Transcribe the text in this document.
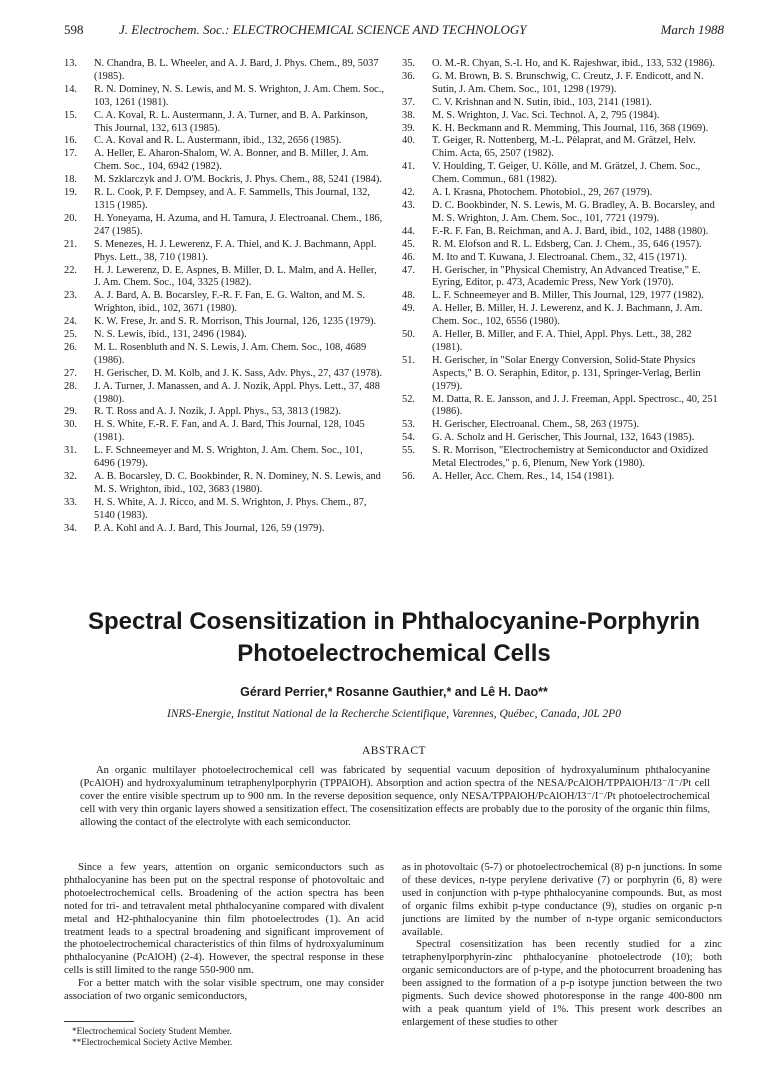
598	J. Electrochem. Soc.: ELECTROCHEMICAL SCIENCE AND TECHNOLOGY	March 1988

13. N. Chandra, B. L. Wheeler, and A. J. Bard, J. Phys. Chem., 89, 5037 (1985).

14. R. N. Dominey, N. S. Lewis, and M. S. Wrighton, J. Am. Chem. Soc., 103, 1261 (1981).

15. C. A. Koval, R. L. Austermann, J. A. Turner, and B. A. Parkinson, This Journal, 132, 613 (1985).

16. C. A. Koval and R. L. Austermann, ibid., 132, 2656 (1985).

17. A. Heller, E. Aharon-Shalom, W. A. Bonner, and B. Miller, J. Am. Chem. Soc., 104, 6942 (1982).

18. M. Szklarczyk and J. O'M. Bockris, J. Phys. Chem., 88, 5241 (1984).

19. R. L. Cook, P. F. Dempsey, and A. F. Sammells, This Journal, 132, 1315 (1985).

20. H. Yoneyama, H. Azuma, and H. Tamura, J. Electroanal. Chem., 186, 247 (1985).

21. S. Menezes, H. J. Lewerenz, F. A. Thiel, and K. J. Bachmann, Appl. Phys. Lett., 38, 710 (1981).

22. H. J. Lewerenz, D. E. Aspnes, B. Miller, D. L. Malm, and A. Heller, J. Am. Chem. Soc., 104, 3325 (1982).

23. A. J. Bard, A. B. Bocarsley, F.-R. F. Fan, E. G. Walton, and M. S. Wrighton, ibid., 102, 3671 (1980).

24. K. W. Frese, Jr. and S. R. Morrison, This Journal, 126, 1235 (1979).

25. N. S. Lewis, ibid., 131, 2496 (1984).

26. M. L. Rosenbluth and N. S. Lewis, J. Am. Chem. Soc., 108, 4689 (1986).

27. H. Gerischer, D. M. Kolb, and J. K. Sass, Adv. Phys., 27, 437 (1978).

28. J. A. Turner, J. Manassen, and A. J. Nozik, Appl. Phys. Lett., 37, 488 (1980).

29. R. T. Ross and A. J. Nozik, J. Appl. Phys., 53, 3813 (1982).

30. H. S. White, F.-R. F. Fan, and A. J. Bard, This Journal, 128, 1045 (1981).

31. L. F. Schneemeyer and M. S. Wrighton, J. Am. Chem. Soc., 101, 6496 (1979).

32. A. B. Bocarsley, D. C. Bookbinder, R. N. Dominey, N. S. Lewis, and M. S. Wrighton, ibid., 102, 3683 (1980).

33. H. S. White, A. J. Ricco, and M. S. Wrighton, J. Phys. Chem., 87, 5140 (1983).

34. P. A. Kohl and A. J. Bard, This Journal, 126, 59 (1979).

35. O. M.-R. Chyan, S.-I. Ho, and K. Rajeshwar, ibid., 133, 532 (1986).

36. G. M. Brown, B. S. Brunschwig, C. Creutz, J. F. Endicott, and N. Sutin, J. Am. Chem. Soc., 101, 1298 (1979).

37. C. V. Krishnan and N. Sutin, ibid., 103, 2141 (1981).

38. M. S. Wrighton, J. Vac. Sci. Technol. A, 2, 795 (1984).

39. K. H. Beckmann and R. Memming, This Journal, 116, 368 (1969).

40. T. Geiger, R. Nottenberg, M.-L. Pèlaprat, and M. Grätzel, Helv. Chim. Acta, 65, 2507 (1982).

41. V. Houlding, T. Geiger, U. Kölle, and M. Grätzel, J. Chem. Soc., Chem. Commun., 681 (1982).

42. A. I. Krasna, Photochem. Photobiol., 29, 267 (1979).

43. D. C. Bookbinder, N. S. Lewis, M. G. Bradley, A. B. Bocarsley, and M. S. Wrighton, J. Am. Chem. Soc., 101, 7721 (1979).

44. F.-R. F. Fan, B. Reichman, and A. J. Bard, ibid., 102, 1488 (1980).

45. R. M. Elofson and R. L. Edsberg, Can. J. Chem., 35, 646 (1957).

46. M. Ito and T. Kuwana, J. Electroanal. Chem., 32, 415 (1971).

47. H. Gerischer, in "Physical Chemistry, An Advanced Treatise," E. Eyring, Editor, p. 473, Academic Press, New York (1970).

48. L. F. Schneemeyer and B. Miller, This Journal, 129, 1977 (1982).

49. A. Heller, B. Miller, H. J. Lewerenz, and K. J. Bachmann, J. Am. Chem. Soc., 102, 6556 (1980).

50. A. Heller, B. Miller, and F. A. Thiel, Appl. Phys. Lett., 38, 282 (1981).

51. H. Gerischer, in "Solar Energy Conversion, Solid-State Physics Aspects," B. O. Seraphin, Editor, p. 131, Springer-Verlag, Berlin (1979).

52. M. Datta, R. E. Jansson, and J. J. Freeman, Appl. Spectrosc., 40, 251 (1986).

53. H. Gerischer, Electroanal. Chem., 58, 263 (1975).

54. G. A. Scholz and H. Gerischer, This Journal, 132, 1643 (1985).

55. S. R. Morrison, "Electrochemistry at Semiconductor and Oxidized Metal Electrodes," p. 6, Plenum, New York (1980).

56. A. Heller, Acc. Chem. Res., 14, 154 (1981).

Spectral Cosensitization in Phthalocyanine-Porphyrin
Photoelectrochemical Cells
Gérard Perrier,* Rosanne Gauthier,* and Lê H. Dao**
INRS-Energie, Institut National de la Recherche Scientifique, Varennes, Québec, Canada, J0L 2P0
ABSTRACT
An organic multilayer photoelectrochemical cell was fabricated by sequential vacuum deposition of hydroxyaluminum phthalocyanine (PcAlOH) and hydroxyaluminum tetraphenylporphyrin (TPPAlOH). Absorption and action spectra of the NESA/PcAlOH/TPPAlOH/I3⁻/I⁻/Pt cell cover the entire visible spectrum up to 900 nm. In the reverse deposition sequence, only NESA/TPPAlOH/PcAlOH/I3⁻/I⁻/Pt photoelectrochemical cell with very thin organic layers showed a sensitization effect. The cosensitization effects are probably due to the porosity of the organic thin films, allowing the contact of the electrolyte with each semiconductor.

Since a few years, attention on organic semiconductors such as phthalocyanine has been put on the spectral response of photovoltaic and photoelectrochemical cells. Broadening of the action spectra has been noted for tri- and tetravalent metal phthalocyanine compared with divalent metal and H2-phthalocyanine thin film photoelectrodes (1). An acid treatment leads to a spectral broadening and significant improvement of the photoelectrochemical characteristics of thin films of hydroxyaluminum phthalocyanine (PcAlOH) (2-4). However, the spectral response in these cells is still limited to the range 550-900 nm.

For a better match with the solar visible spectrum, one may consider association of two organic semiconductors,

as in photovoltaic (5-7) or photoelectrochemical (8) p-n junctions. In some of these devices, n-type perylene derivative (7) or porphyrin (6, 8) were used in conjunction with p-type phthalocyanine compounds. But, as most of organic films exhibit p-type conductance (9), studies on organic p-n junctions are limited by the number of n-type organic semiconductors available.

Spectral cosensitization has been recently studied for a zinc tetraphenylporphyrin-zinc phthalocyanine photoelectrode (10); both organic semiconductors are of p-type, and the photocurrent broadening has been assigned to the formation of a p-p isotype junction between the two pigments. Such device showed photoresponse in the range 400-800 nm with a peak quantum yield of 1%. This present work describes an enlargement of these studies to other

*Electrochemical Society Student Member.
**Electrochemical Society Active Member.
